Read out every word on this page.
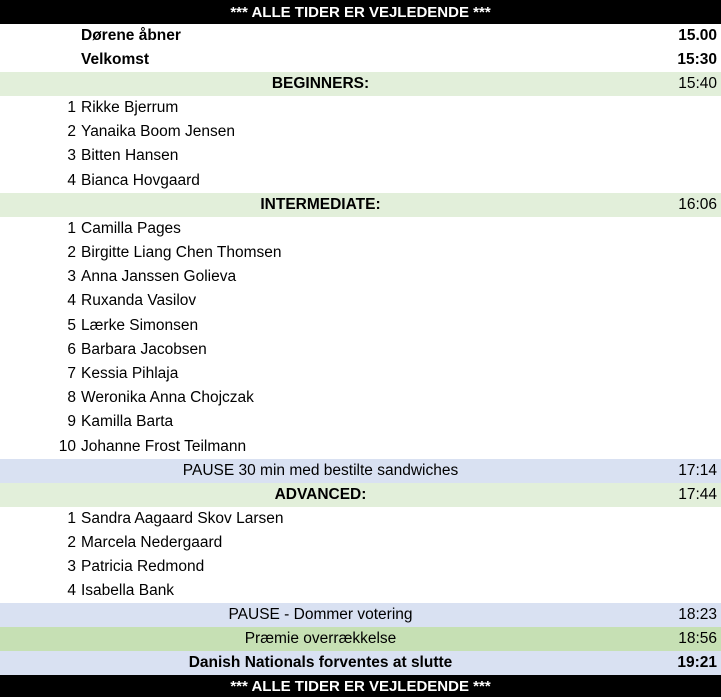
*** ALLE TIDER ER VEJLEDENDE ***
Dørene åbner	15.00
Velkomst	15:30
BEGINNERS:	15:40
1 Rikke Bjerrum
2 Yanaika Boom Jensen
3 Bitten Hansen
4 Bianca Hovgaard
INTERMEDIATE:	16:06
1 Camilla Pages
2 Birgitte Liang Chen Thomsen
3 Anna Janssen Golieva
4 Ruxanda Vasilov
5 Lærke Simonsen
6 Barbara Jacobsen
7 Kessia Pihlaja
8 Weronika Anna Chojczak
9 Kamilla Barta
10 Johanne Frost Teilmann
PAUSE 30 min med bestilte sandwiches	17:14
ADVANCED:	17:44
1 Sandra Aagaard Skov Larsen
2 Marcela Nedergaard
3 Patricia Redmond
4 Isabella Bank
PAUSE - Dommer votering	18:23
Præmie overrækkelse	18:56
Danish Nationals forventes at slutte	19:21
*** ALLE TIDER ER VEJLEDENDE ***
